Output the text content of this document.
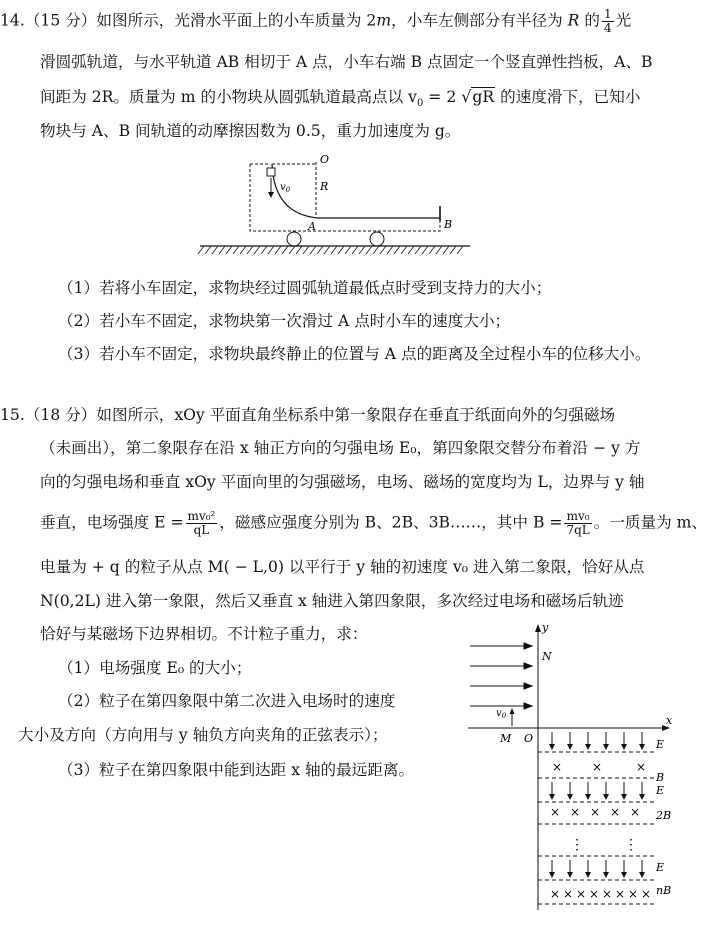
14.（15 分）如图所示，光滑水平面上的小车质量为 2m，小车左侧部分有半径为 R 的 $\frac{1}{4}$ 光
滑圆弧轨道，与水平轨道 AB 相切于 A 点，小车右端 B 点固定一个竖直弹性挡板，A、B
间距为 2R。质量为 m 的小物块从圆弧轨道最高点以 $v_0 = 2$ √gR 的速度滑下，已知小
物块与 A、B 间轨道的动摩擦因数为 0.5，重力加速度为 g。
$v_0$
O
R
A	B
（1）若将小车固定，求物块经过圆弧轨道最低点时受到支持力的大小；
（2）若小车不固定，求物块第一次滑过 A 点时小车的速度大小；
（3）若小车不固定，求物块最终静止的位置与 A 点的距离及全过程小车的位移大小。
15.（18 分）如图所示，xOy 平面直角坐标系中第一象限存在垂直于纸面向外的匀强磁场
（未画出），第二象限存在沿 x 轴正方向的匀强电场 E₀，第四象限交替分布着沿 − y 方
向的匀强电场和垂直 xOy 平面向里的匀强磁场，电场、磁场的宽度均为 L，边界与 y 轴
垂直，电场强度 $E = \frac{\text{mv₀²}}{qL}$ ，磁感应强度分别为 B、2B、3B……，其中 $B = \frac{\text{mv₀}}{7qL}$ 。一质量为 m、
电量为 + q 的粒子从点 M( − L,0) 以平行于 y 轴的初速度 v₀ 进入第二象限，恰好从点
N(0,2L) 进入第一象限，然后又垂直 x 轴进入第四象限，多次经过电场和磁场后轨迹
恰好与某磁场下边界相切。不计粒子重力，求：
（1）电场强度 E₀ 的大小；
（2）粒子在第四象限中第二次进入电场时的速度
大小及方向（方向用与 y 轴负方向夹角的正弦表示）；
（3）粒子在第四象限中能到达距 x 轴的最远距离。
y
x
N
M O
$v_0$
× ×	×
× × × × ×
× × × × × × × ×
E
B
E
2B
E
nB
⋮	⋮
